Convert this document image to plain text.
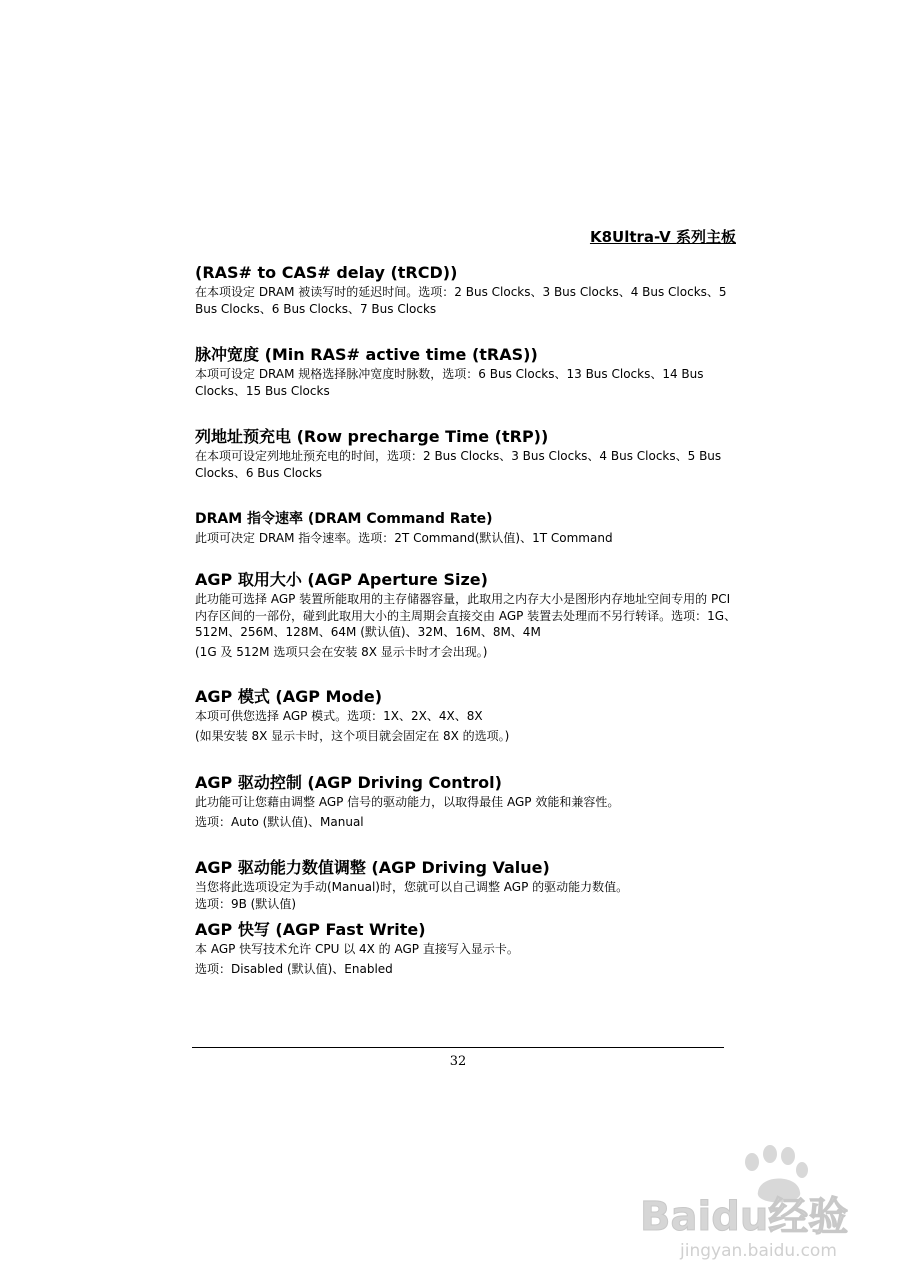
K8Ultra-V 系列主板
(RAS# to CAS# delay (tRCD))

在本项设定 DRAM 被读写时的延迟时间。选项：2 Bus Clocks、3 Bus Clocks、4 Bus Clocks、5 Bus Clocks、6 Bus Clocks、7 Bus Clocks

脉冲宽度 (Min RAS# active time (tRAS))

本项可设定 DRAM 规格选择脉冲宽度时脉数，选项：6 Bus Clocks、13 Bus Clocks、14 Bus Clocks、15 Bus Clocks

列地址预充电 (Row precharge Time (tRP))

在本项可设定列地址预充电的时间，选项：2 Bus Clocks、3 Bus Clocks、4 Bus Clocks、5 Bus Clocks、6 Bus Clocks

DRAM 指令速率 (DRAM Command Rate)

此项可决定 DRAM 指令速率。选项：2T Command(默认值)、1T Command

AGP 取用大小 (AGP Aperture Size)

此功能可选择 AGP 装置所能取用的主存储器容量，此取用之内存大小是图形内存地址空间专用的 PCI 内存区间的一部份，碰到此取用大小的主周期会直接交由 AGP 装置去处理而不另行转译。选项：1G、512M、256M、128M、64M (默认值)、32M、16M、8M、4M

(1G 及 512M 选项只会在安装 8X 显示卡时才会出现。)

AGP 模式 (AGP Mode)

本项可供您选择 AGP 模式。选项：1X、2X、4X、8X

(如果安装 8X 显示卡时，这个项目就会固定在 8X 的选项。)

AGP 驱动控制 (AGP Driving Control)

此功能可让您藉由调整 AGP 信号的驱动能力，以取得最佳 AGP 效能和兼容性。

选项：Auto (默认值)、Manual

AGP 驱动能力数值调整 (AGP Driving Value)

当您将此选项设定为手动(Manual)时，您就可以自己调整 AGP 的驱动能力数值。

选项：9B (默认值)

AGP 快写 (AGP Fast Write)

本 AGP 快写技术允许 CPU 以 4X 的 AGP 直接写入显示卡。

选项：Disabled (默认值)、Enabled

32
Baidu经验
jingyan.baidu.com
